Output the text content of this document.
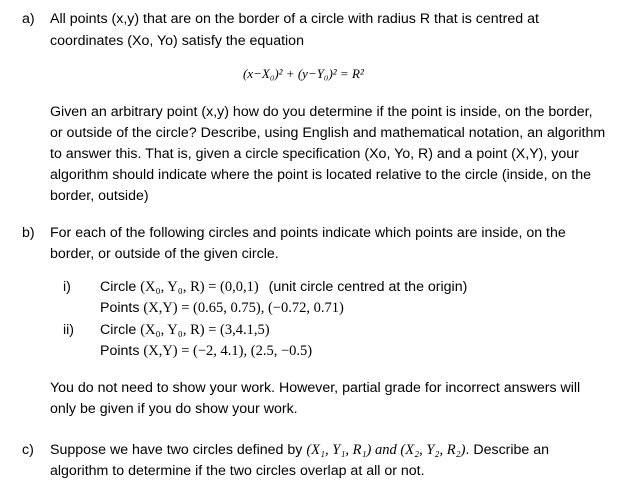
a)	All points (x,y) that are on the border of a circle with radius R that is centred at
coordinates (Xo, Yo) satisfy the equation
(x−X₀)² + (y−Y₀)² = R²
Given an arbitrary point (x,y) how do you determine if the point is inside, on the border,
or outside of the circle? Describe, using English and mathematical notation, an algorithm
to answer this. That is, given a circle specification (Xo, Yo, R) and a point (X,Y), your
algorithm should indicate where the point is located relative to the circle (inside, on the
border, outside)
b)	For each of the following circles and points indicate which points are inside, on the
border, or outside of the given circle.
i) Circle (X₀, Y₀, R) = (0,0,1) (unit circle centred at the origin)
Points (X,Y) = (0.65, 0.75), (−0.72, 0.71)
ii) Circle (X₀, Y₀, R) = (3,4.1,5)
Points (X,Y) = (−2, 4.1), (2.5, −0.5)
You do not need to show your work. However, partial grade for incorrect answers will
only be given if you do show your work.
c)	Suppose we have two circles defined by (X₁, Y₁, R₁) and (X₂, Y₂, R₂). Describe an
algorithm to determine if the two circles overlap at all or not.
